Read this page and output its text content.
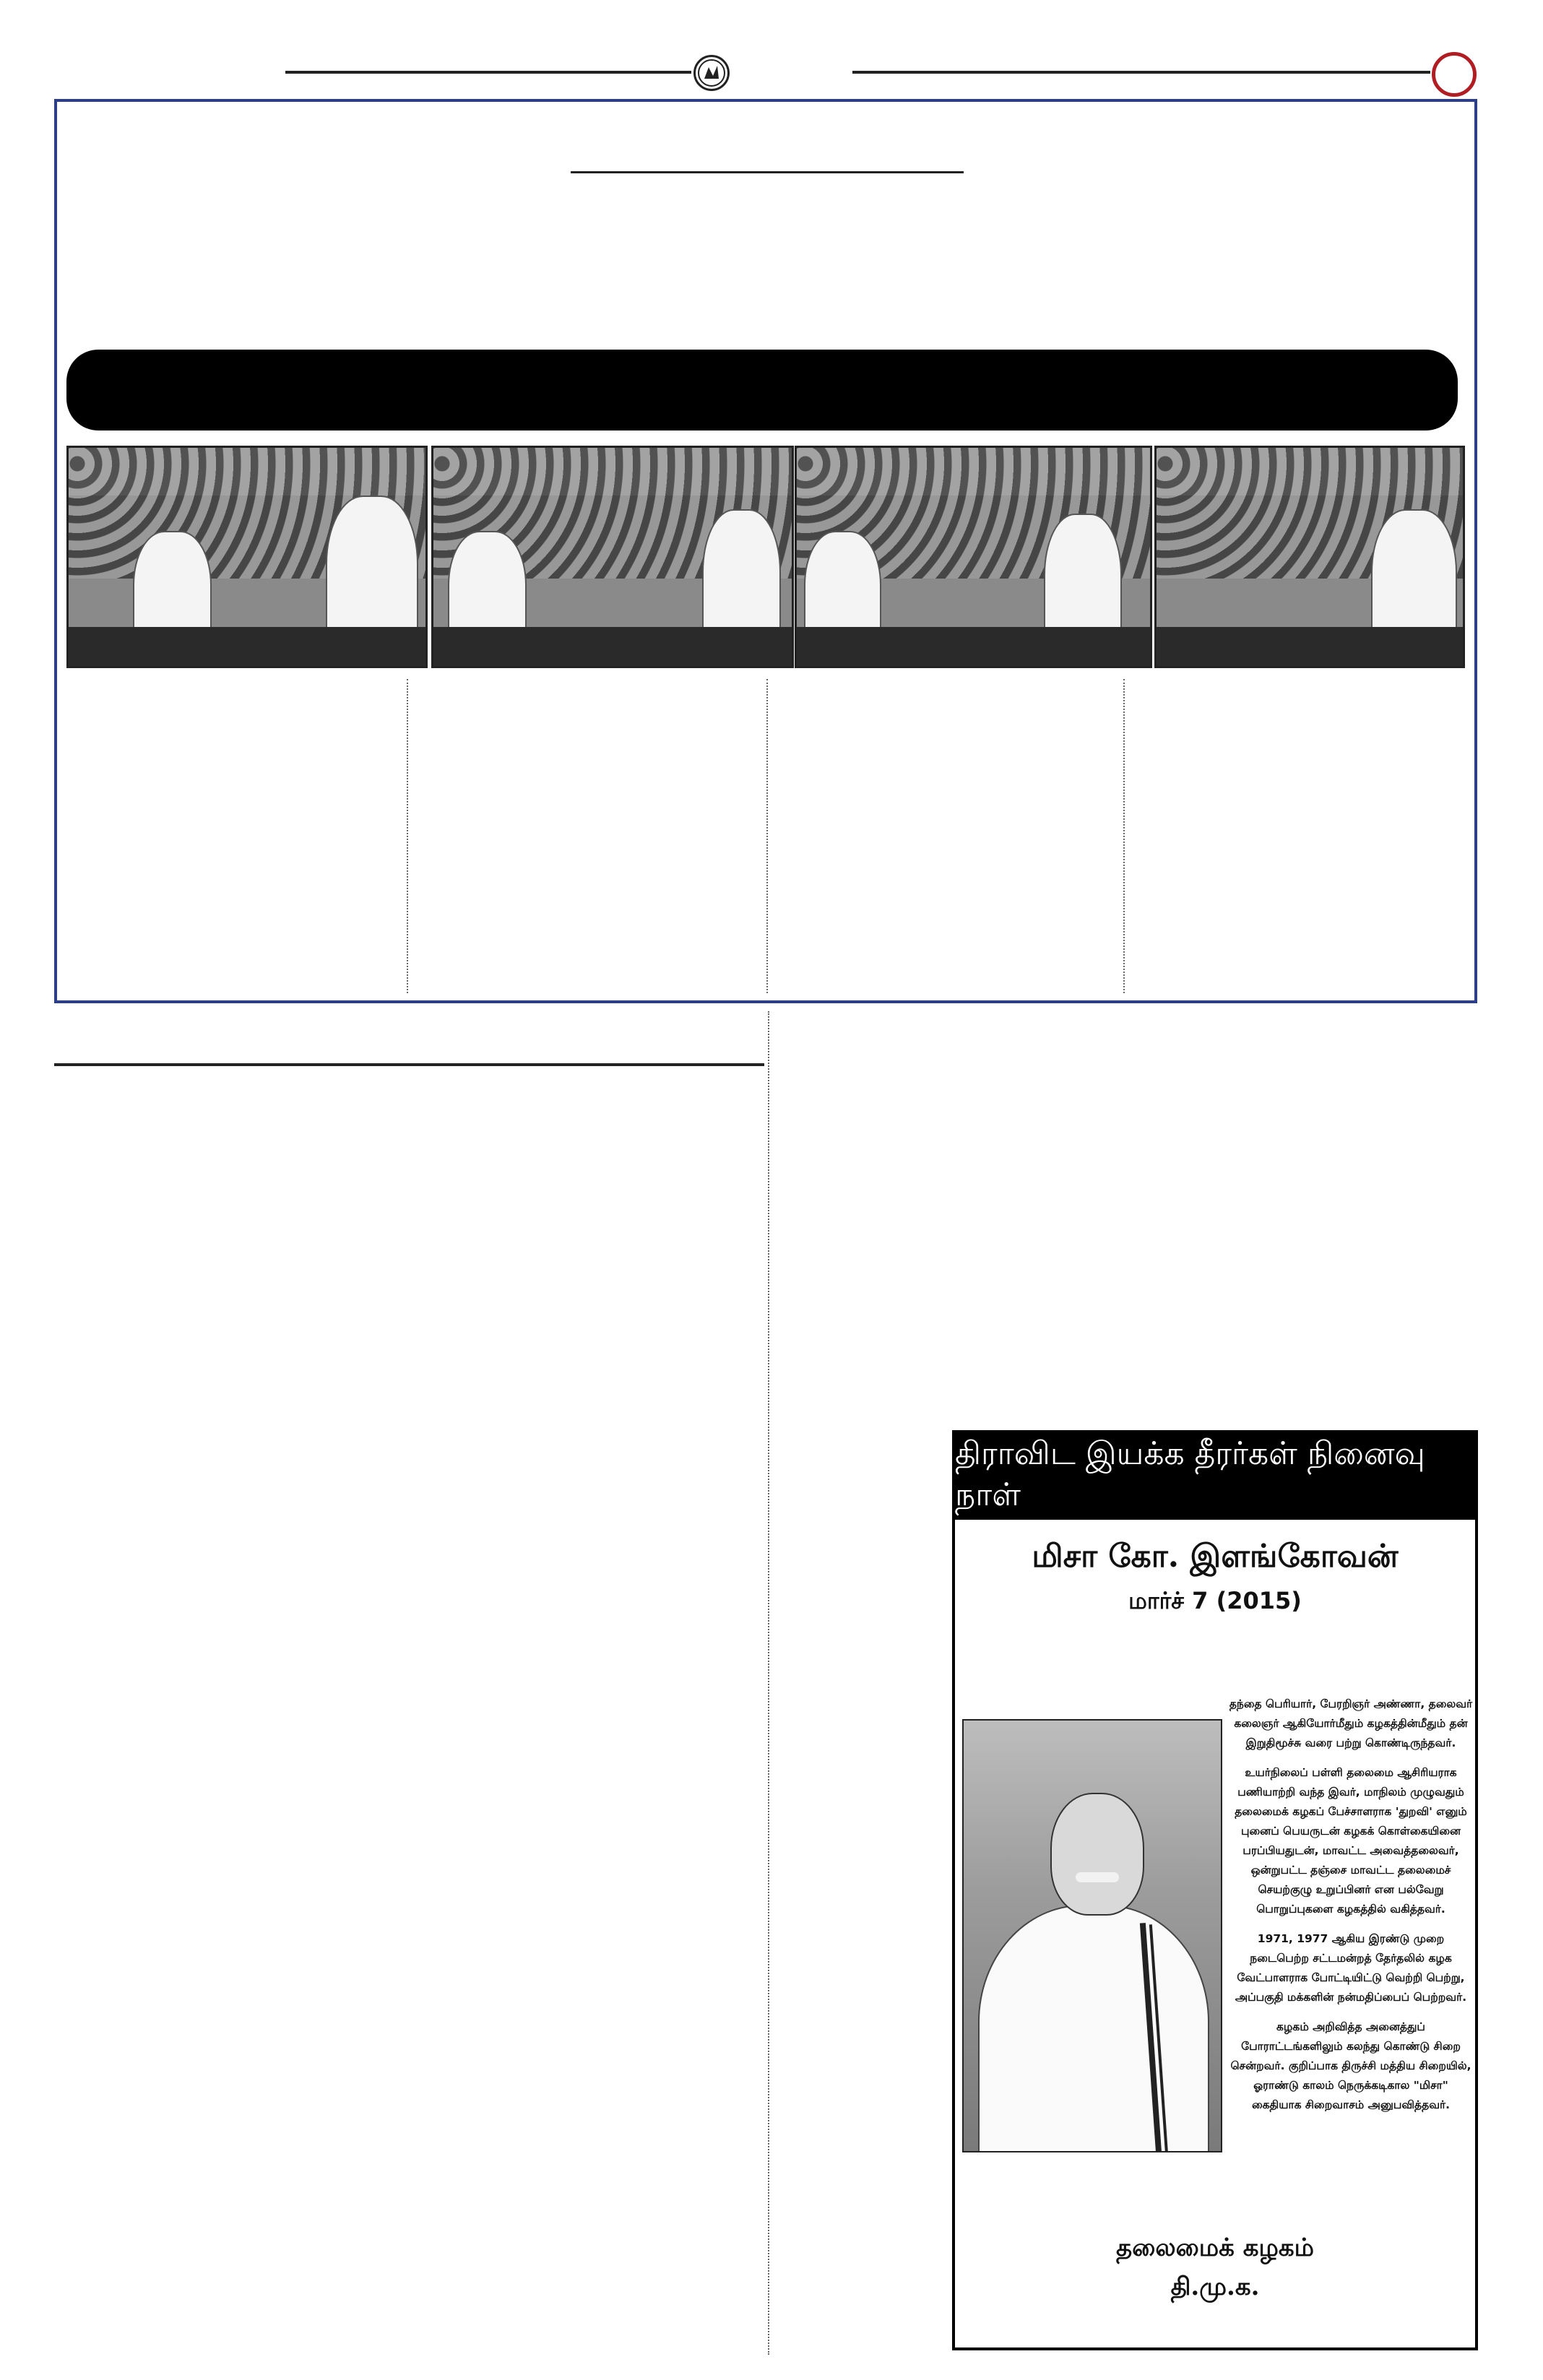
திராவிட இயக்க தீரர்கள் நினைவு நாள்
மிசா கோ. இளங்கோவன்
மார்ச் 7 (2015)

தந்தை பெரியார், பேரறிஞர் அண்ணா, தலைவர் கலைஞர் ஆகியோர்மீதும் கழகத்தின்மீதும் தன் இறுதிமூச்சு வரை பற்று கொண்டிருந்தவர்.

உயர்நிலைப் பள்ளி தலைமை ஆசிரியராக பணியாற்றி வந்த இவர், மாநிலம் முழுவதும் தலைமைக் கழகப் பேச்சாளராக 'துறவி' எனும் புனைப் பெயருடன் கழகக் கொள்கையினை பரப்பியதுடன், மாவட்ட அவைத்தலைவர், ஒன்றுபட்ட தஞ்சை மாவட்ட தலைமைச் செயற்குழு உறுப்பினர் என பல்வேறு பொறுப்புகளை கழகத்தில் வகித்தவர்.

1971, 1977 ஆகிய இரண்டு முறை நடைபெற்ற சட்டமன்றத் தேர்தலில் கழக வேட்பாளராக போட்டியிட்டு வெற்றி பெற்று, அப்பகுதி மக்களின் நன்மதிப்பைப் பெற்றவர்.

கழகம் அறிவித்த அனைத்துப் போராட்டங்களிலும் கலந்து கொண்டு சிறை சென்றவர். குறிப்பாக திருச்சி மத்திய சிறையில், ஓராண்டு காலம் நெருக்கடிகால "மிசா" கைதியாக சிறைவாசம் அனுபவித்தவர்.

தலைமைக் கழகம்
தி.மு.க.
